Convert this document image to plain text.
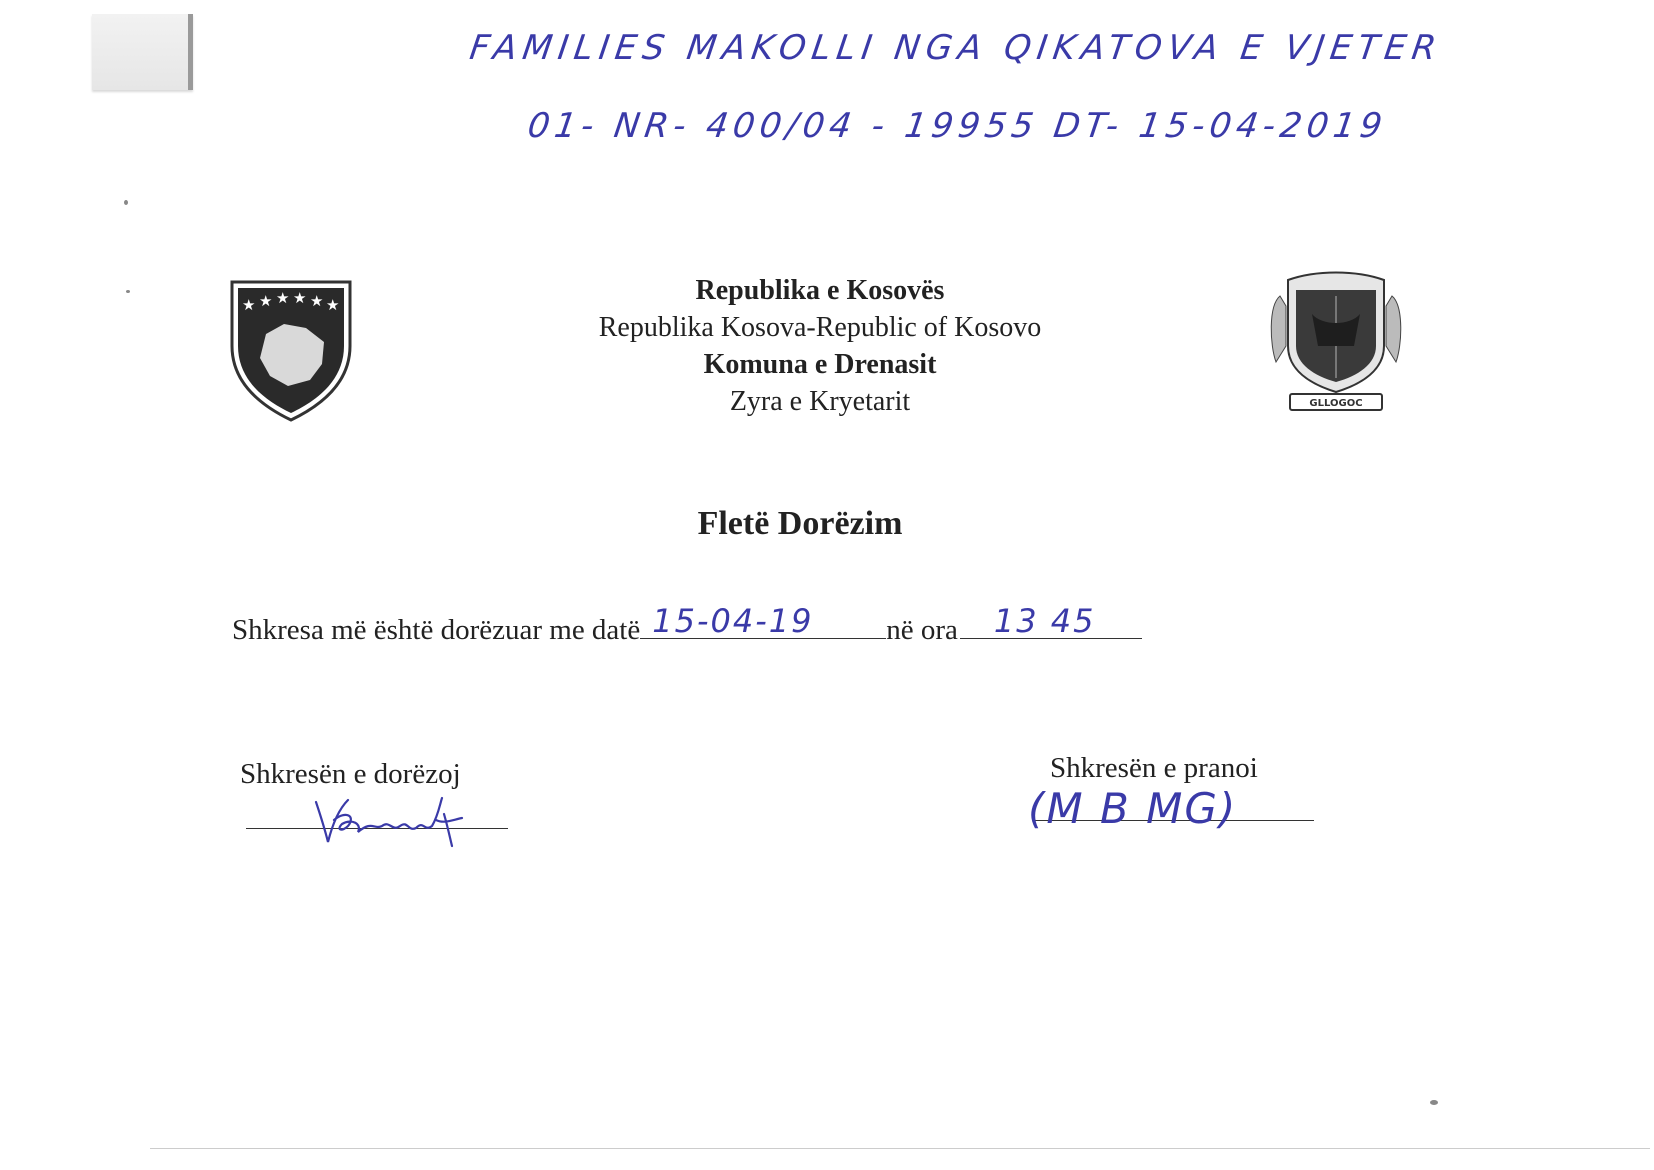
FAMILIES MAKOLLI NGA QIKATOVA E VJETER
01- NR- 400/04 - 19955 DT- 15-04-2019
★ ★ ★ ★ ★ ★
GLLOGOC
Republika e Kosovës
Republika Kosova-Republic of Kosovo
Komuna e Drenasit
Zyra e Kryetarit
Fletë Dorëzim
Shkresa më është dorëzuar me datë 15-04-19	në ora 13 45
Shkresën e dorëzoj	Shkresën e pranoi
(M B MG)
